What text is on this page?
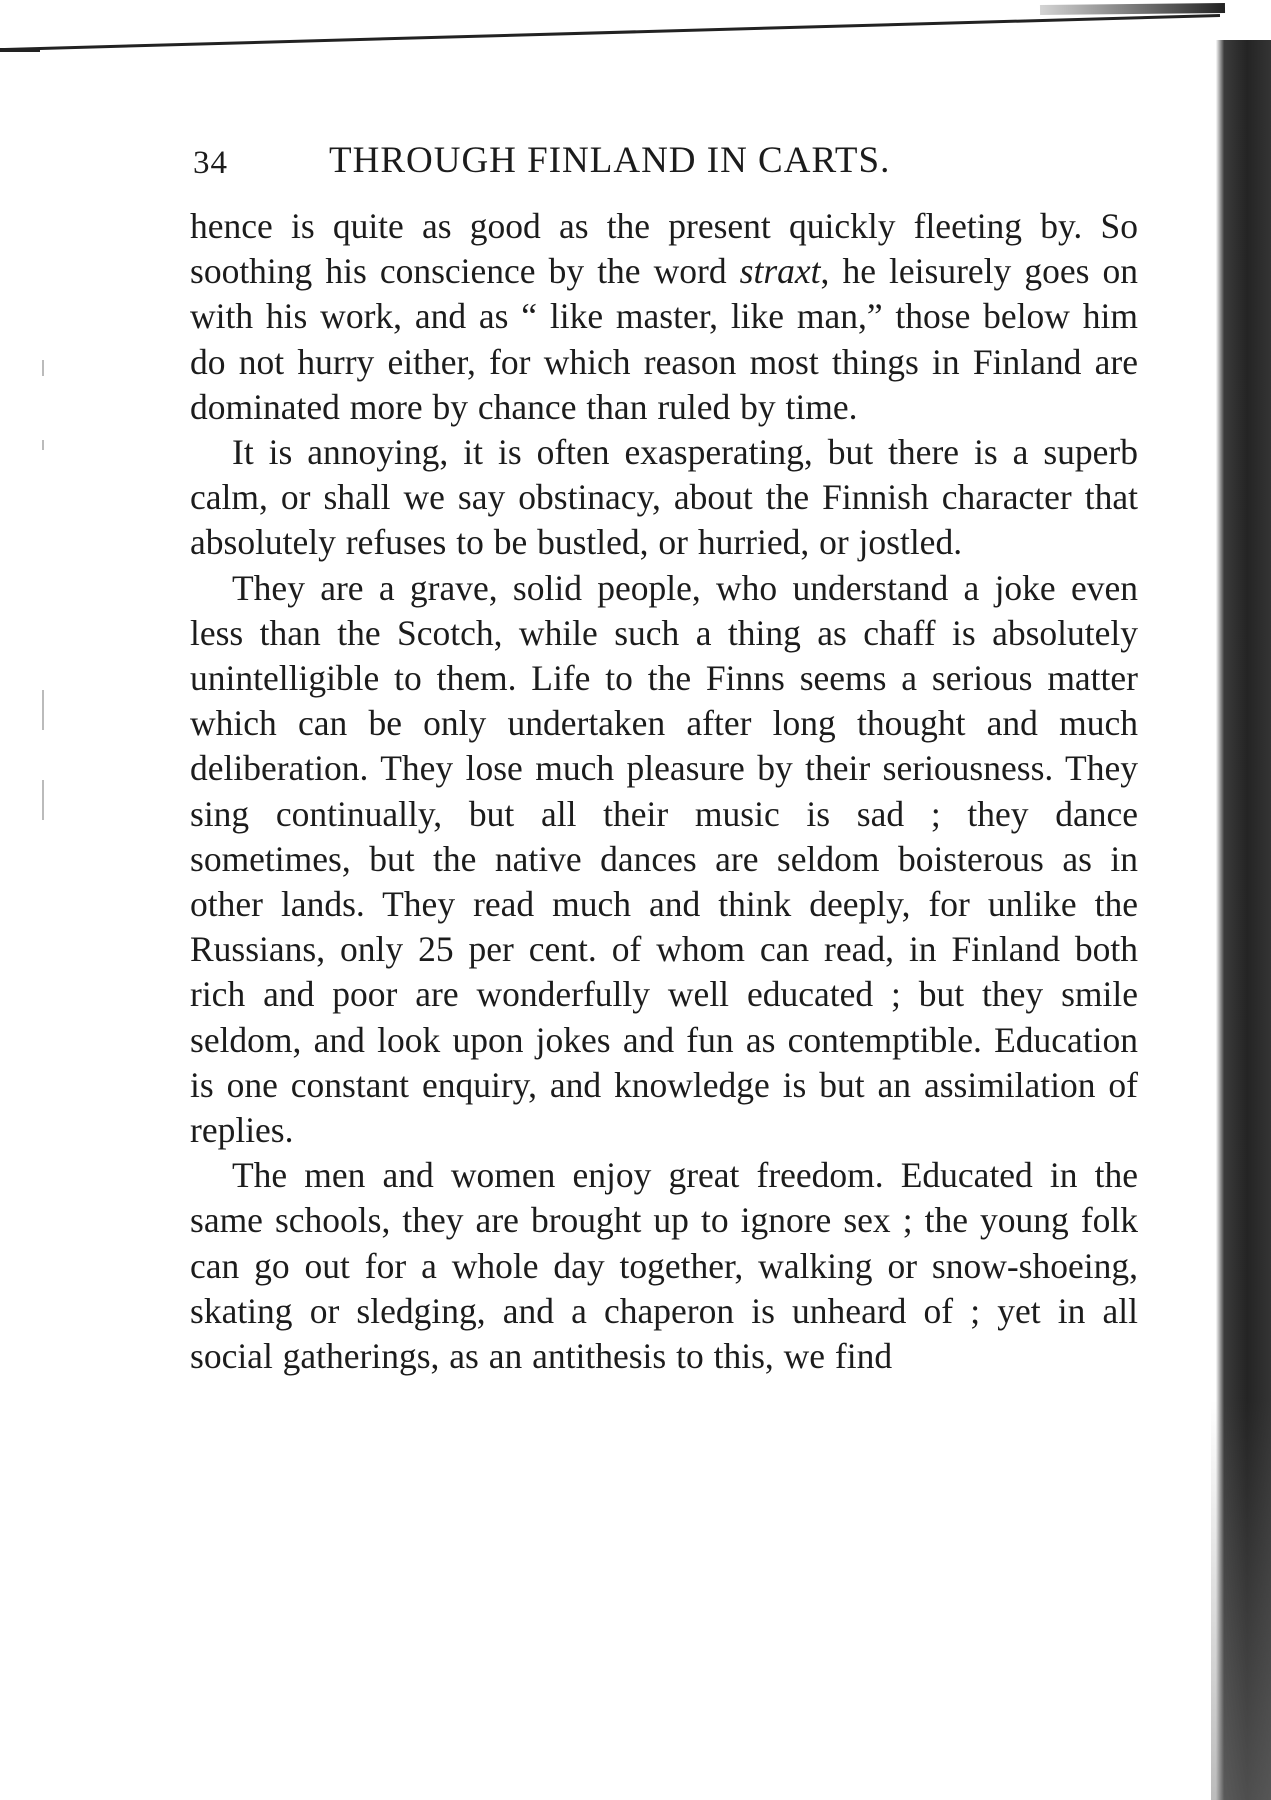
34	THROUGH FINLAND IN CARTS.

hence is quite as good as the present quickly fleeting by. So soothing his conscience by the word straxt, he leisurely goes on with his work, and as “ like master, like man,” those below him do not hurry either, for which reason most things in Finland are dominated more by chance than ruled by time.

It is annoying, it is often exasperating, but there is a superb calm, or shall we say obstinacy, about the Finnish character that absolutely refuses to be bustled, or hurried, or jostled.

They are a grave, solid people, who understand a joke even less than the Scotch, while such a thing as chaff is absolutely unintelligible to them. Life to the Finns seems a serious matter which can be only undertaken after long thought and much deliberation. They lose much pleasure by their seriousness. They sing continually, but all their music is sad ; they dance sometimes, but the native dances are seldom boisterous as in other lands. They read much and think deeply, for unlike the Russians, only 25 per cent. of whom can read, in Finland both rich and poor are wonderfully well educated ; but they smile seldom, and look upon jokes and fun as contemptible. Education is one constant enquiry, and knowledge is but an assimilation of replies.

The men and women enjoy great freedom. Educated in the same schools, they are brought up to ignore sex ; the young folk can go out for a whole day together, walking or snow-shoeing, skating or sledging, and a chaperon is unheard of ; yet in all social gatherings, as an antithesis to this, we find
